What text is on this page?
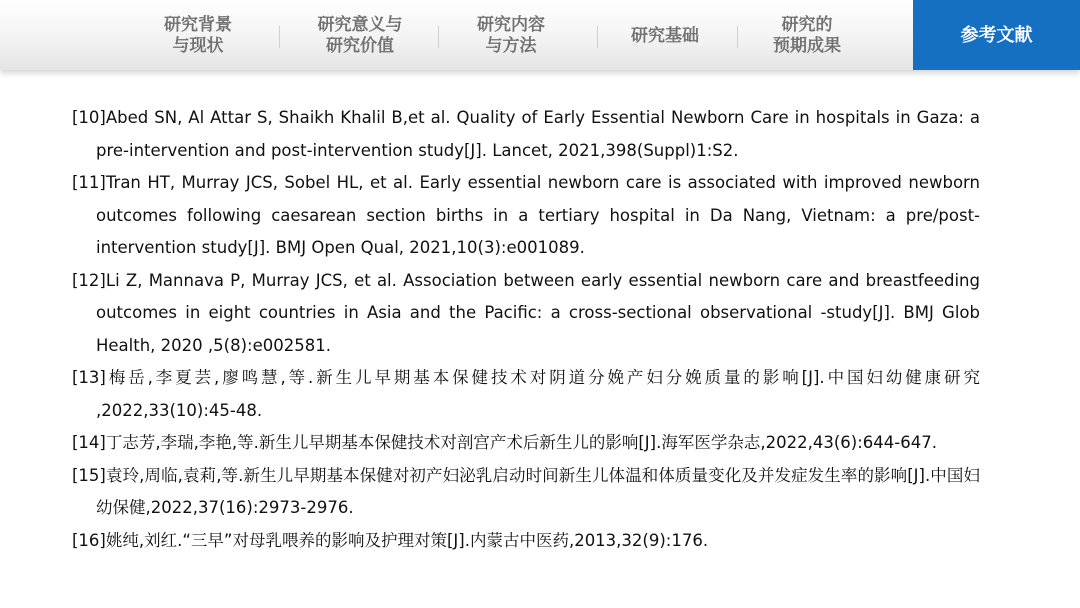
研究背景
与现状
研究意义与
研究价值
研究内容
与方法
研究基础
研究的
预期成果
参考文献

[10]Abed SN, Al Attar S, Shaikh Khalil B,et al. Quality of Early Essential Newborn Care in hospitals in Gaza: a pre-intervention and post-intervention study[J]. Lancet, 2021,398(Suppl)1:S2.

[11]Tran HT, Murray JCS, Sobel HL, et al. Early essential newborn care is associated with improved newborn outcomes following caesarean section births in a tertiary hospital in Da Nang, Vietnam: a pre/post-intervention study[J]. BMJ Open Qual, 2021,10(3):e001089.

[12]Li Z, Mannava P, Murray JCS, et al. Association between early essential newborn care and breastfeeding outcomes in eight countries in Asia and the Pacific: a cross-sectional observational -study[J]. BMJ Glob Health, 2020 ,5(8):e002581.

[13]梅岳,李夏芸,廖鸣慧,等.新生儿早期基本保健技术对阴道分娩产妇分娩质量的影响[J].中国妇幼健康研究 ,2022,33(10):45-48.

[14]丁志芳,李瑞,李艳,等.新生儿早期基本保健技术对剖宫产术后新生儿的影响[J].海军医学杂志,2022,43(6):644-647.

[15]袁玲,周临,袁莉,等.新生儿早期基本保健对初产妇泌乳启动时间新生儿体温和体质量变化及并发症发生率的影响[J].中国妇幼保健,2022,37(16):2973-2976.

[16]姚纯,刘红.“三早”对母乳喂养的影响及护理对策[J].内蒙古中医药,2013,32(9):176.
